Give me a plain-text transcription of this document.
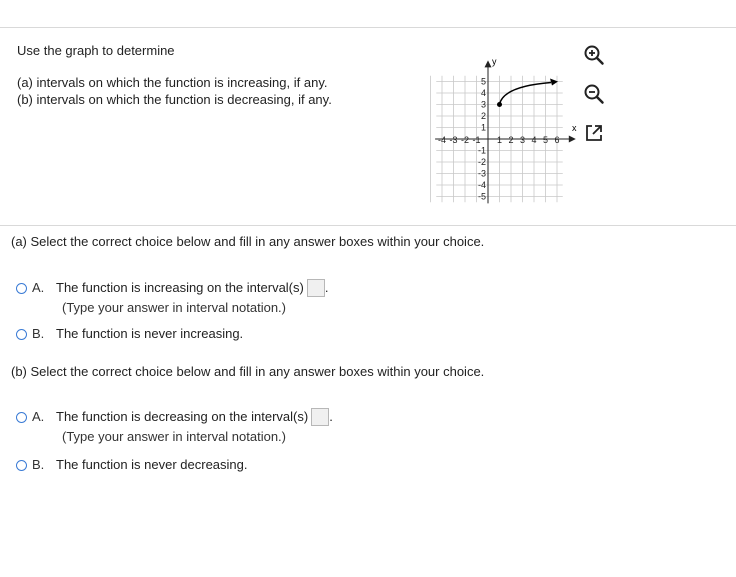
Use the graph to determine
(a) intervals on which the function is increasing, if any.
(b) intervals on which the function is decreasing, if any.
-4 -3 -2 -1 1 2 3 4 5 6
5
4
3
2
1
-1
-2
-3
-4
-5
x
y
(a) Select the correct choice below and fill in any answer boxes within your choice.
A. The function is increasing on the interval(s) .
(Type your answer in interval notation.)
B. The function is never increasing.
(b) Select the correct choice below and fill in any answer boxes within your choice.
A. The function is decreasing on the interval(s) .
(Type your answer in interval notation.)
B. The function is never decreasing.
